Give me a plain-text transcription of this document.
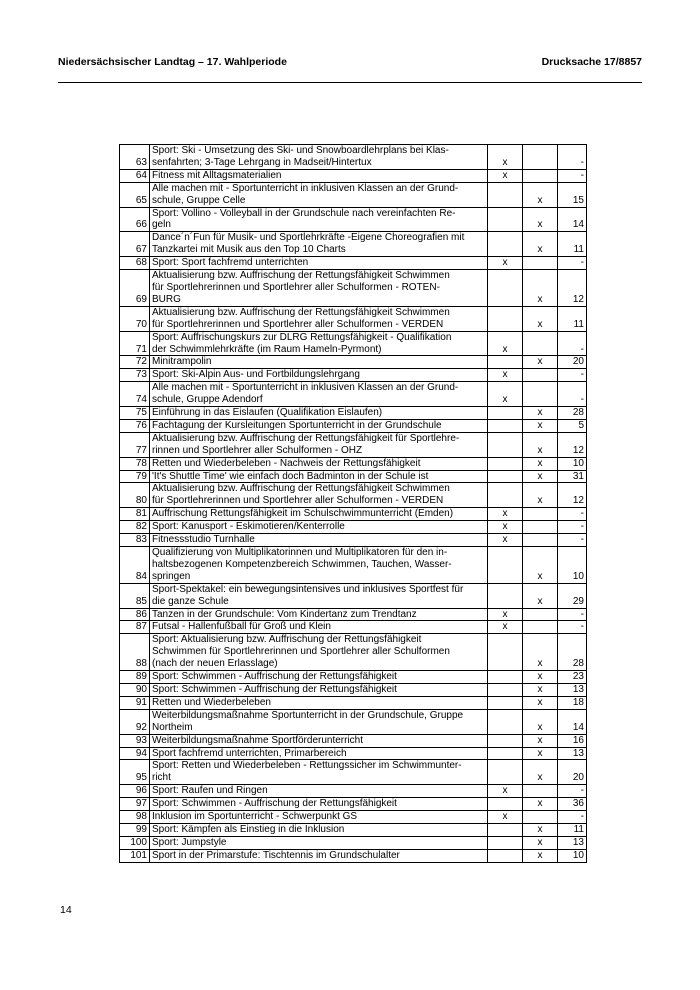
Niedersächsischer Landtag – 17. Wahlperiode	Drucksache 17/8857
63	Sport: Ski - Umsetzung des Ski- und Snowboardlehrplans bei Klas-
senfahrten; 3-Tage Lehrgang in Madseit/Hintertux	x		-
64	Fitness mit Alltagsmaterialien	x		-
65	Alle machen mit - Sportunterricht in inklusiven Klassen an der Grund-
schule, Gruppe Celle		x	15
66	Sport: Vollino - Volleyball in der Grundschule nach vereinfachten Re-
geln		x	14
67	Dance´n´Fun für Musik- und Sportlehrkräfte -Eigene Choreografien mit
Tanzkartei mit Musik aus den Top 10 Charts		x	11
68	Sport: Sport fachfremd unterrichten	x		-
69	Aktualisierung bzw. Auffrischung der Rettungsfähigkeit Schwimmen
für Sportlehrerinnen und Sportlehrer aller Schulformen - ROTEN-
BURG		x	12
70	Aktualisierung bzw. Auffrischung der Rettungsfähigkeit Schwimmen
für Sportlehrerinnen und Sportlehrer aller Schulformen - VERDEN		x	11
71	Sport: Auffrischungskurs zur DLRG Rettungsfähigkeit - Qualifikation
der Schwimmlehrkräfte (im Raum Hameln-Pyrmont)	x		-
72	Minitrampolin		x	20
73	Sport: Ski-Alpin Aus- und Fortbildungslehrgang	x		-
74	Alle machen mit - Sportunterricht in inklusiven Klassen an der Grund-
schule, Gruppe Adendorf	x		-
75	Einführung in das Eislaufen (Qualifikation Eislaufen)		x	28
76	Fachtagung der Kursleitungen Sportunterricht in der Grundschule		x	5
77	Aktualisierung bzw. Auffrischung der Rettungsfähigkeit für Sportlehre-
rinnen und Sportlehrer aller Schulformen - OHZ		x	12
78	Retten und Wiederbeleben - Nachweis der Rettungsfähigkeit		x	10
79	'It's Shuttle Time' wie einfach doch Badminton in der Schule ist		x	31
80	Aktualisierung bzw. Auffrischung der Rettungsfähigkeit Schwimmen
für Sportlehrerinnen und Sportlehrer aller Schulformen - VERDEN		x	12
81	Auffrischung Rettungsfähigkeit im Schulschwimmunterricht (Emden)	x		-
82	Sport: Kanusport - Eskimotieren/Kenterrolle	x		-
83	Fitnessstudio Turnhalle	x		-
84	Qualifizierung von Multiplikatorinnen und Multiplikatoren für den in-
haltsbezogenen Kompetenzbereich Schwimmen, Tauchen, Wasser-
springen		x	10
85	Sport-Spektakel: ein bewegungsintensives und inklusives Sportfest für
die ganze Schule		x	29
86	Tanzen in der Grundschule: Vom Kindertanz zum Trendtanz	x		-
87	Futsal - Hallenfußball für Groß und Klein	x		-
88	Sport: Aktualisierung bzw. Auffrischung der Rettungsfähigkeit
Schwimmen für Sportlehrerinnen und Sportlehrer aller Schulformen
(nach der neuen Erlasslage)		x	28
89	Sport: Schwimmen - Auffrischung der Rettungsfähigkeit		x	23
90	Sport: Schwimmen - Auffrischung der Rettungsfähigkeit		x	13
91	Retten und Wiederbeleben		x	18
92	Weiterbildungsmaßnahme Sportunterricht in der Grundschule, Gruppe
Northeim		x	14
93	Weiterbildungsmaßnahme Sportförderunterricht		x	16
94	Sport fachfremd unterrichten, Primarbereich		x	13
95	Sport: Retten und Wiederbeleben - Rettungssicher im Schwimmunter-
richt		x	20
96	Sport: Raufen und Ringen	x		-
97	Sport: Schwimmen - Auffrischung der Rettungsfähigkeit		x	36
98	Inklusion im Sportunterricht - Schwerpunkt GS	x		-
99	Sport: Kämpfen als Einstieg in die Inklusion		x	11
100	Sport: Jumpstyle		x	13
101	Sport in der Primarstufe: Tischtennis im Grundschulalter		x	10
14
